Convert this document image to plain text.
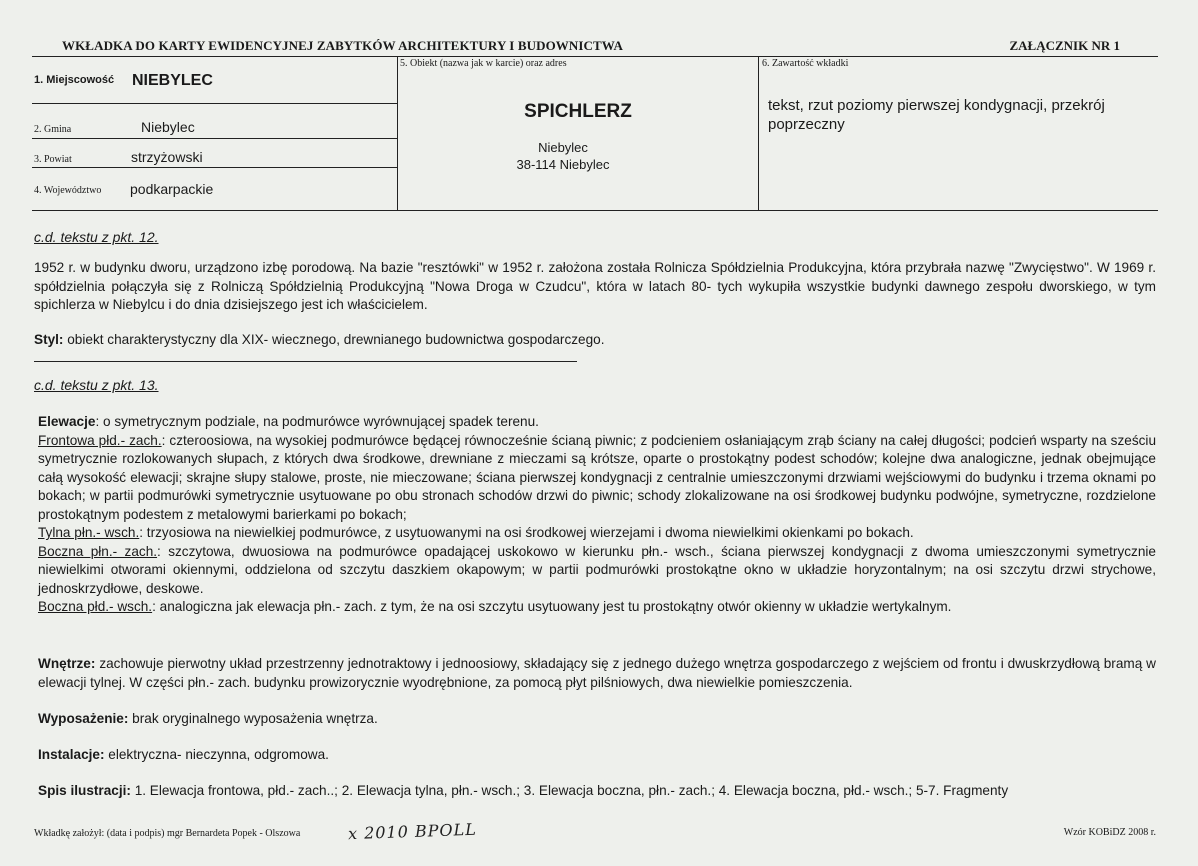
WKŁADKA DO KARTY EWIDENCYJNEJ ZABYTKÓW ARCHITEKTURY I BUDOWNICTWA	ZAŁĄCZNIK NR 1
1. Miejscowość NIEBYLEC
2. Gmina	Niebylec
3. Powiat	strzyżowski
4. Województwo podkarpackie
5. Obiekt (nazwa jak w karcie) oraz adres
SPICHLERZ
Niebylec
38-114 Niebylec
6. Zawartość wkładki
tekst, rzut poziomy pierwszej kondygnacji, przekrój poprzeczny
c.d. tekstu z pkt. 12.
1952 r. w budynku dworu, urządzono izbę porodową. Na bazie "resztówki" w 1952 r. założona została Rolnicza Spółdzielnia Produkcyjna, która przybrała nazwę "Zwycięstwo". W 1969 r. spółdzielnia połączyła się z Rolniczą Spółdzielnią Produkcyjną "Nowa Droga w Czudcu", która w latach 80- tych wykupiła wszystkie budynki dawnego zespołu dworskiego, w tym spichlerza w Niebylcu i do dnia dzisiejszego jest ich właścicielem.
Styl: obiekt charakterystyczny dla XIX- wiecznego, drewnianego budownictwa gospodarczego.
c.d. tekstu z pkt. 13.
Elewacje: o symetrycznym podziale, na podmurówce wyrównującej spadek terenu.
Frontowa płd.- zach.: czteroosiowa, na wysokiej podmurówce będącej równocześnie ścianą piwnic; z podcieniem osłaniającym zrąb ściany na całej długości; podcień wsparty na sześciu symetrycznie rozlokowanych słupach, z których dwa środkowe, drewniane z mieczami są krótsze, oparte o prostokątny podest schodów; kolejne dwa analogiczne, jednak obejmujące całą wysokość elewacji; skrajne słupy stalowe, proste, nie mieczowane; ściana pierwszej kondygnacji z centralnie umieszczonymi drzwiami wejściowymi do budynku i trzema oknami po bokach; w partii podmurówki symetrycznie usytuowane po obu stronach schodów drzwi do piwnic; schody zlokalizowane na osi środkowej budynku podwójne, symetryczne, rozdzielone prostokątnym podestem z metalowymi barierkami po bokach;
Tylna płn.- wsch.: trzyosiowa na niewielkiej podmurówce, z usytuowanymi na osi środkowej wierzejami i dwoma niewielkimi okienkami po bokach.
Boczna płn.- zach.: szczytowa, dwuosiowa na podmurówce opadającej uskokowo w kierunku płn.- wsch., ściana pierwszej kondygnacji z dwoma umieszczonymi symetrycznie niewielkimi otworami okiennymi, oddzielona od szczytu daszkiem okapowym; w partii podmurówki prostokątne okno w układzie horyzontalnym; na osi szczytu drzwi strychowe, jednoskrzydłowe, deskowe.
Boczna płd.- wsch.: analogiczna jak elewacja płn.- zach. z tym, że na osi szczytu usytuowany jest tu prostokątny otwór okienny w układzie wertykalnym.
Wnętrze: zachowuje pierwotny układ przestrzenny jednotraktowy i jednoosiowy, składający się z jednego dużego wnętrza gospodarczego z wejściem od frontu i dwuskrzydłową bramą w elewacji tylnej. W części płn.- zach. budynku prowizorycznie wyodrębnione, za pomocą płyt pilśniowych, dwa niewielkie pomieszczenia.
Wyposażenie: brak oryginalnego wyposażenia wnętrza.
Instalacje: elektryczna- nieczynna, odgromowa.
Spis ilustracji: 1. Elewacja frontowa, płd.- zach..; 2. Elewacja tylna, płn.- wsch.; 3. Elewacja boczna, płn.- zach.; 4. Elewacja boczna, płd.- wsch.; 5-7. Fragmenty
Wkładkę założył: (data i podpis) mgr Bernardeta Popek - Olszowa	x 2010 BPOLL	Wzór KOBiDZ 2008 r.
